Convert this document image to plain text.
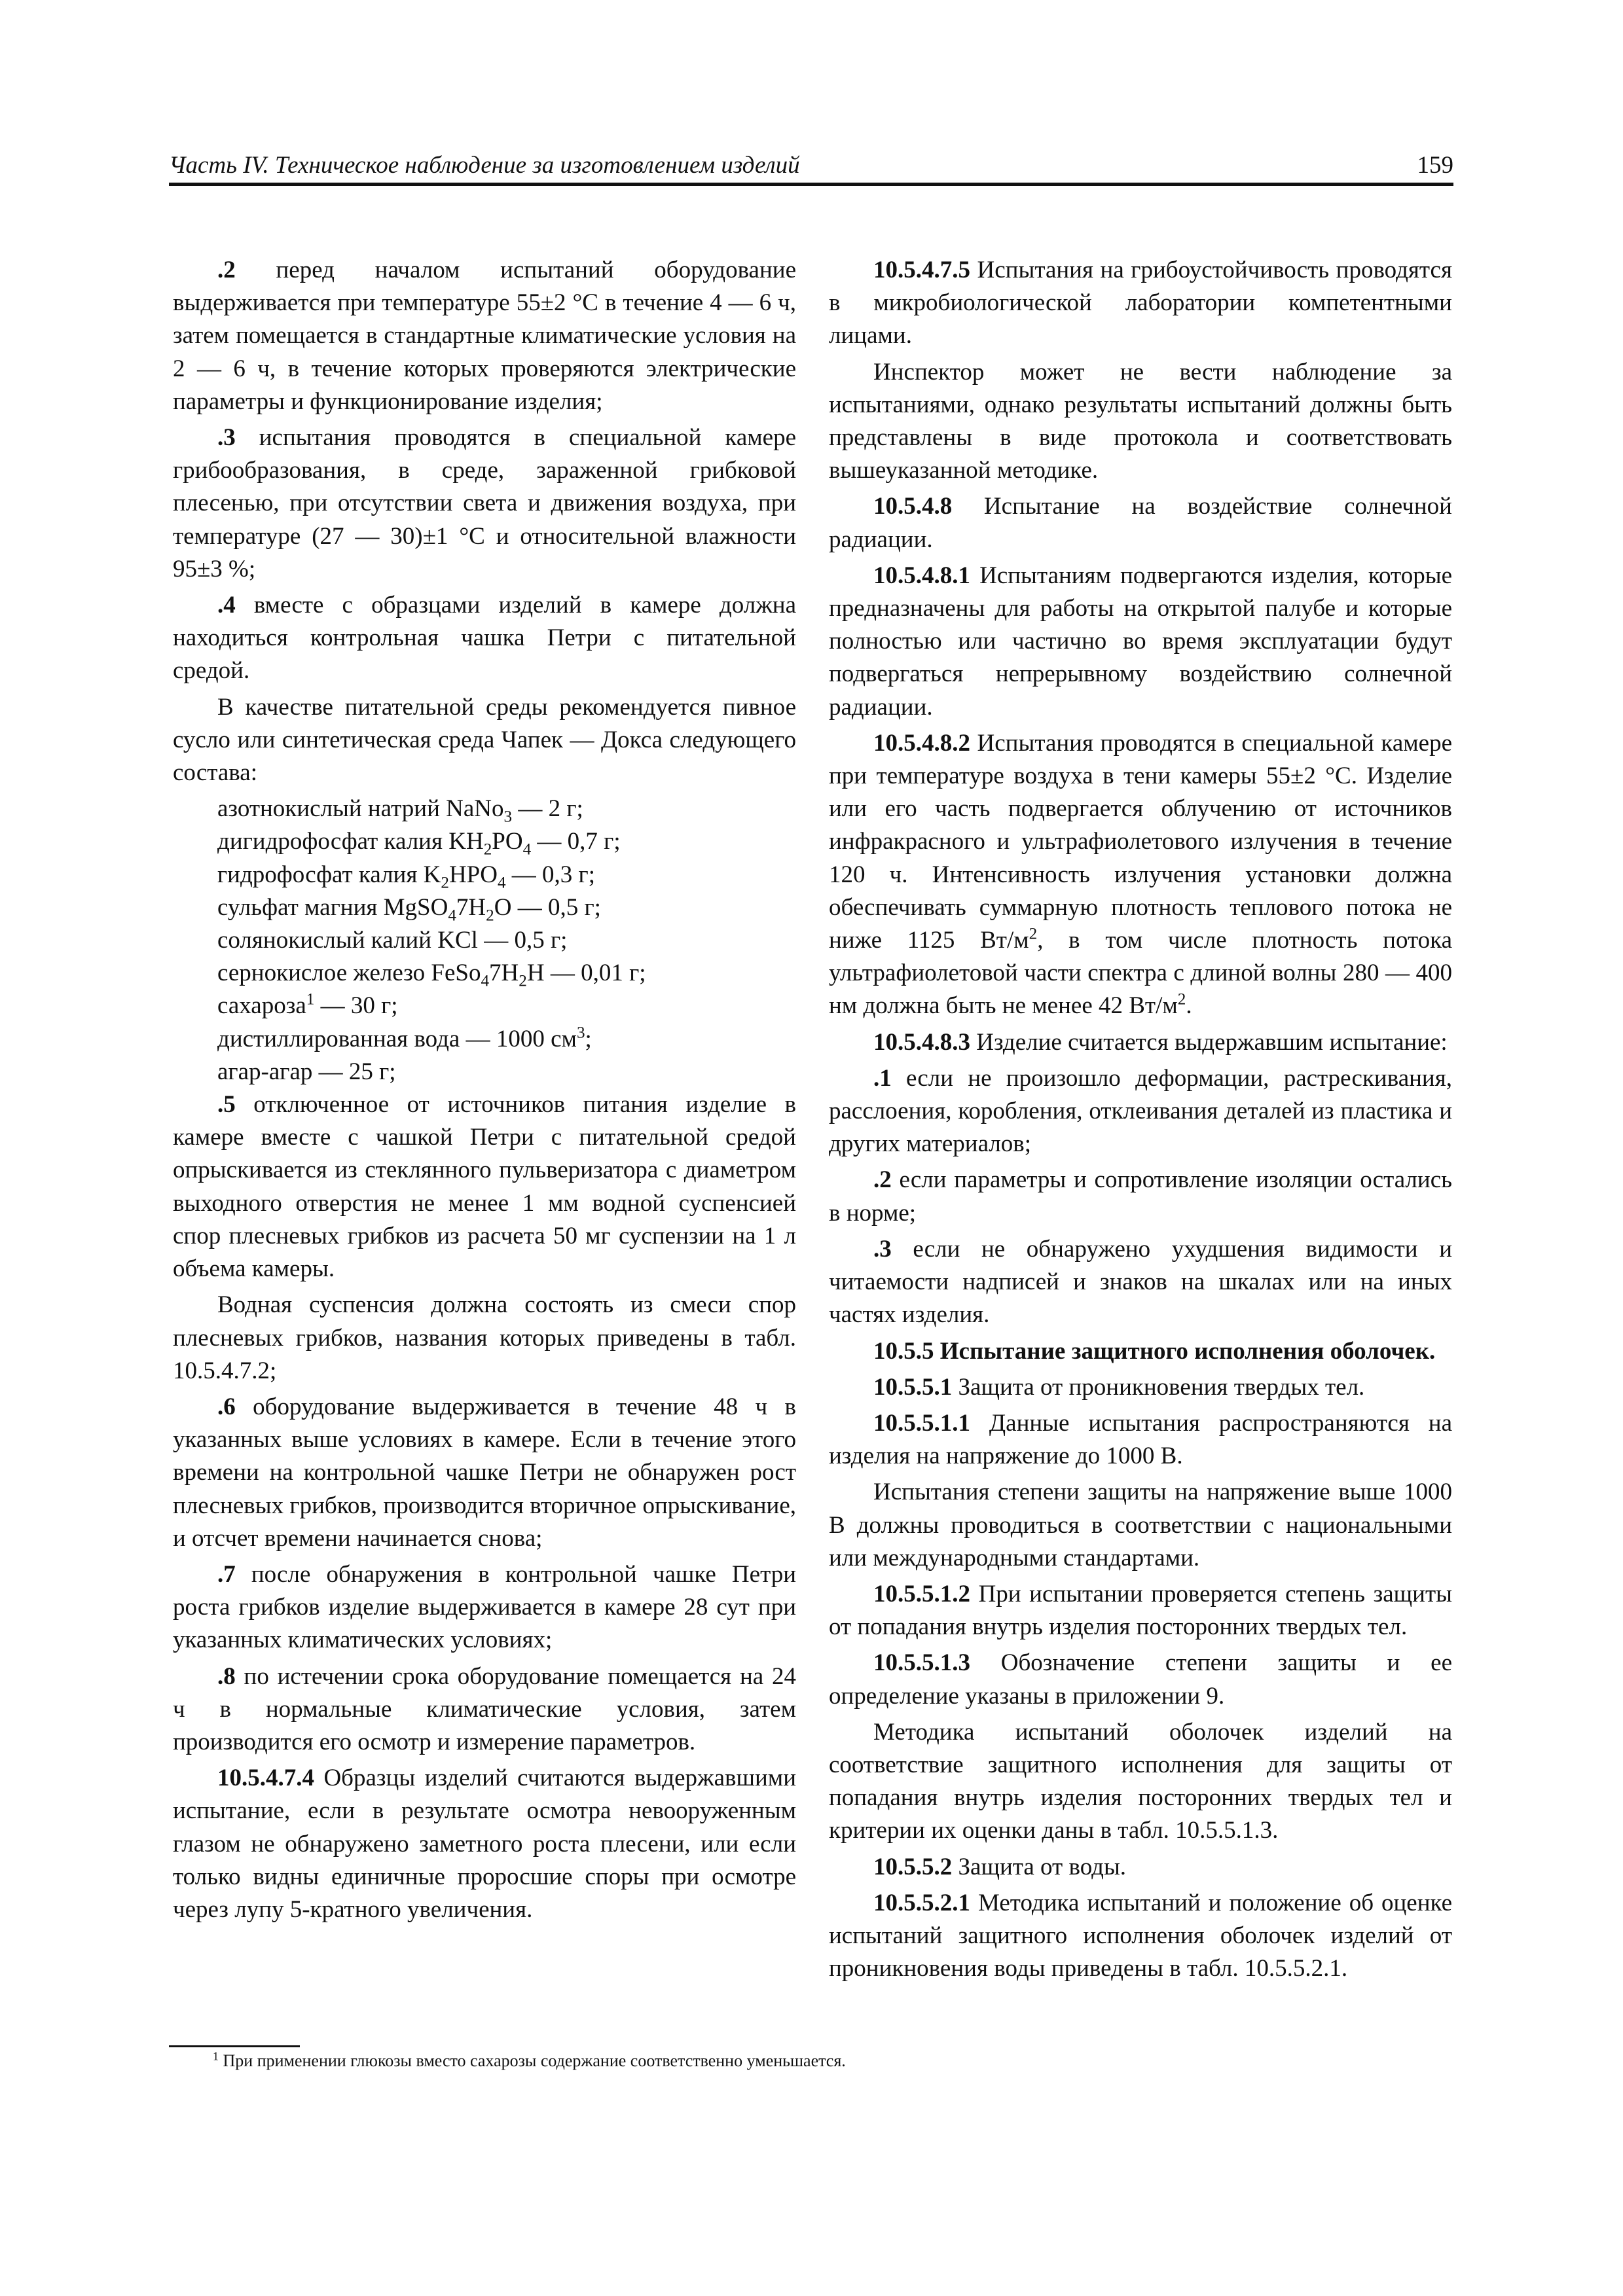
Часть IV. Техническое наблюдение за изготовлением изделий	159

.2 перед началом испытаний оборудование выдерживается при температуре 55±2 °C в течение 4 — 6 ч, затем помещается в стандартные климатические условия на 2 — 6 ч, в течение которых проверяются электрические параметры и функционирование изделия;

.3 испытания проводятся в специальной камере грибообразования, в среде, зараженной грибковой плесенью, при отсутствии света и движения воздуха, при температуре (27 — 30)±1 °C и относительной влажности 95±3 %;

.4 вместе с образцами изделий в камере должна находиться контрольная чашка Петри с питательной средой.

В качестве питательной среды рекомендуется пивное сусло или синтетическая среда Чапек — Докса следующего состава:

азотнокислый натрий NaNo$_3$ — 2 г;
дигидрофосфат калия $KH_2PO_4$ — 0,7 г;
гидрофосфат калия $K_2HPO_4$ — 0,3 г;
сульфат магния $MgSO_47H_2O$ — 0,5 г;
солянокислый калий KCl — 0,5 г;
сернокислое железо $FeSo_47H_2H$ — 0,01 г;
сахароза$^1$ — 30 г;
дистиллированная вода — 1000 $см^3$;
агар-агар — 25 г;

.5 отключенное от источников питания изделие в камере вместе с чашкой Петри с питательной средой опрыскивается из стеклянного пульверизатора с диаметром выходного отверстия не менее 1 мм водной суспенсией спор плесневых грибков из расчета 50 мг суспензии на 1 л объема камеры.

Водная суспенсия должна состоять из смеси спор плесневых грибков, названия которых приведены в табл. 10.5.4.7.2;

.6 оборудование выдерживается в течение 48 ч в указанных выше условиях в камере. Если в течение этого времени на контрольной чашке Петри не обнаружен рост плесневых грибков, производится вторичное опрыскивание, и отсчет времени начинается снова;

.7 после обнаружения в контрольной чашке Петри роста грибков изделие выдерживается в камере 28 сут при указанных климатических условиях;

.8 по истечении срока оборудование помещается на 24 ч в нормальные климатические условия, затем производится его осмотр и измерение параметров.

10.5.4.7.4 Образцы изделий считаются выдержавшими испытание, если в результате осмотра невооруженным глазом не обнаружено заметного роста плесени, или если только видны единичные проросшие споры при осмотре через лупу 5-кратного увеличения.

10.5.4.7.5 Испытания на грибоустойчивость проводятся в микробиологической лаборатории компетентными лицами.

Инспектор может не вести наблюдение за испытаниями, однако результаты испытаний должны быть представлены в виде протокола и соответствовать вышеуказанной методике.

10.5.4.8 Испытание на воздействие солнечной радиации.

10.5.4.8.1 Испытаниям подвергаются изделия, которые предназначены для работы на открытой палубе и которые полностью или частично во время эксплуатации будут подвергаться непрерывному воздействию солнечной радиации.

10.5.4.8.2 Испытания проводятся в специальной камере при температуре воздуха в тени камеры 55±2 °C. Изделие или его часть подвергается облучению от источников инфракрасного и ультрафиолетового излучения в течение 120 ч. Интенсивность излучения установки должна обеспечивать суммарную плотность теплового потока не ниже 1125 $Вт/м^2$, в том числе плотность потока ультрафиолетовой части спектра с длиной волны 280 — 400 нм должна быть не менее 42 $Вт/м^2$.

10.5.4.8.3 Изделие считается выдержавшим испытание:

.1 если не произошло деформации, растрескивания, расслоения, коробления, отклеивания деталей из пластика и других материалов;

.2 если параметры и сопротивление изоляции остались в норме;

.3 если не обнаружено ухудшения видимости и читаемости надписей и знаков на шкалах или на иных частях изделия.

10.5.5 Испытание защитного исполнения оболочек.

10.5.5.1 Защита от проникновения твердых тел.

10.5.5.1.1 Данные испытания распространяются на изделия на напряжение до 1000 В.

Испытания степени защиты на напряжение выше 1000 В должны проводиться в соответствии с национальными или международными стандартами.

10.5.5.1.2 При испытании проверяется степень защиты от попадания внутрь изделия посторонних твердых тел.

10.5.5.1.3 Обозначение степени защиты и ее определение указаны в приложении 9.

Методика испытаний оболочек изделий на соответствие защитного исполнения для защиты от попадания внутрь изделия посторонних твердых тел и критерии их оценки даны в табл. 10.5.5.1.3.

10.5.5.2 Защита от воды.

10.5.5.2.1 Методика испытаний и положение об оценке испытаний защитного исполнения оболочек изделий от проникновения воды приведены в табл. 10.5.5.2.1.

$^1$ При применении глюкозы вместо сахарозы содержание соответственно уменьшается.
